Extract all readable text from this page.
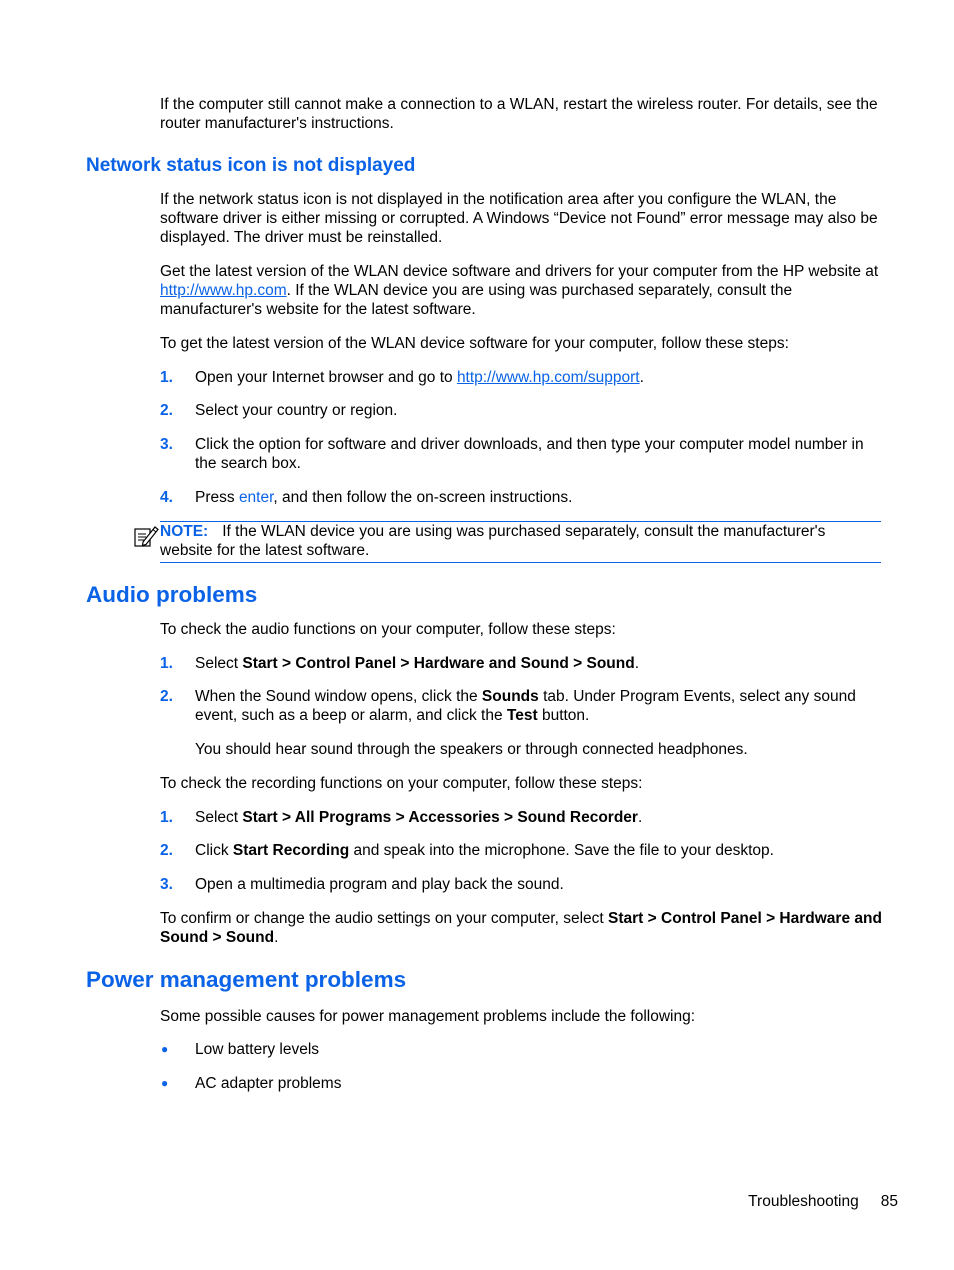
If the computer still cannot make a connection to a WLAN, restart the wireless router. For details, see the router manufacturer's instructions.

Network status icon is not displayed

If the network status icon is not displayed in the notification area after you configure the WLAN, the software driver is either missing or corrupted. A Windows “Device not Found” error message may also be displayed. The driver must be reinstalled.

Get the latest version of the WLAN device software and drivers for your computer from the HP website at http://www.hp.com. If the WLAN device you are using was purchased separately, consult the manufacturer's website for the latest software.

To get the latest version of the WLAN device software for your computer, follow these steps:

1.	Open your Internet browser and go to http://www.hp.com/support.

2.	Select your country or region.

3.	Click the option for software and driver downloads, and then type your computer model number in the search box.

4.	Press enter, and then follow the on-screen instructions.

NOTE: If the WLAN device you are using was purchased separately, consult the manufacturer's website for the latest software.

Audio problems

To check the audio functions on your computer, follow these steps:

1.	Select Start > Control Panel > Hardware and Sound > Sound.

2.	When the Sound window opens, click the Sounds tab. Under Program Events, select any sound event, such as a beep or alarm, and click the Test button.

You should hear sound through the speakers or through connected headphones.

To check the recording functions on your computer, follow these steps:

1.	Select Start > All Programs > Accessories > Sound Recorder.

2.	Click Start Recording and speak into the microphone. Save the file to your desktop.

3.	Open a multimedia program and play back the sound.

To confirm or change the audio settings on your computer, select Start > Control Panel > Hardware and Sound > Sound.

Power management problems

Some possible causes for power management problems include the following:

● Low battery levels

● AC adapter problems

Troubleshooting 85
